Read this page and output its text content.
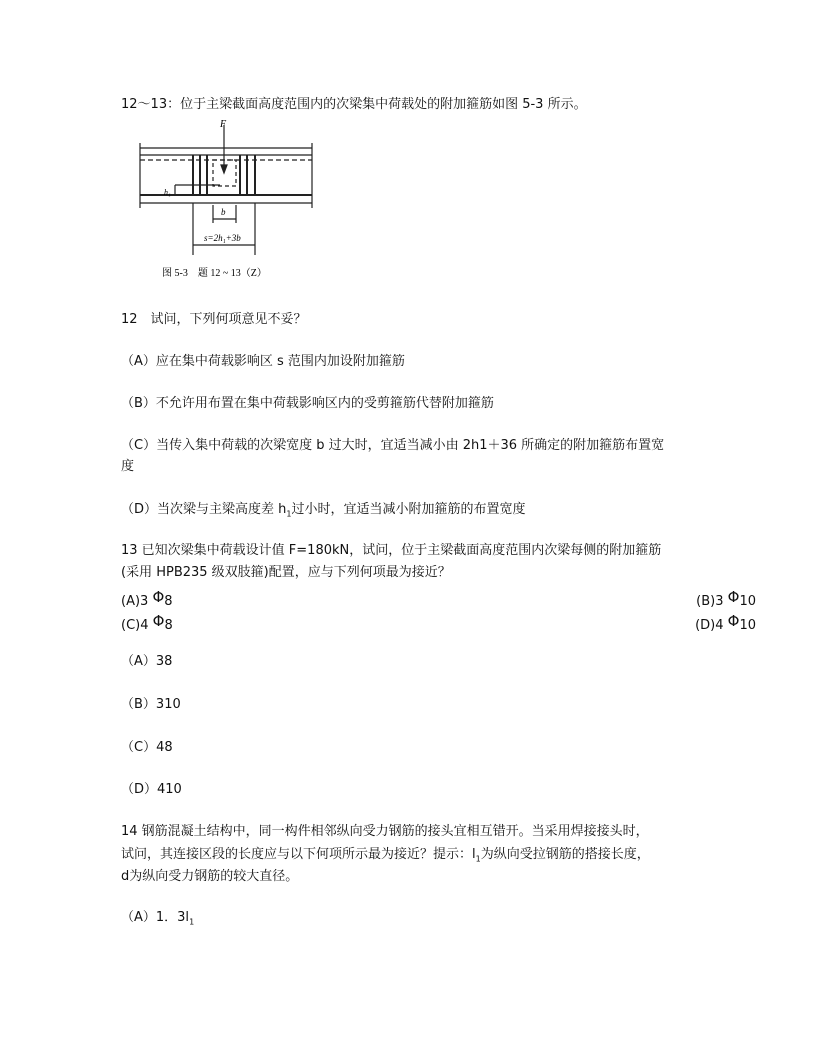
12～13：位于主梁截面高度范围内的次梁集中荷载处的附加箍筋如图 5-3 所示。
F
h₁
b
s=2h₁+3b
图 5-3　题 12 ~ 13（Z）
12　试问，下列何项意见不妥？
（A）应在集中荷载影响区 s 范围内加设附加箍筋
（B）不允许用布置在集中荷载影响区内的受剪箍筋代替附加箍筋
（C）当传入集中荷载的次梁宽度 b 过大时，宜适当减小由 2h1＋36 所确定的附加箍筋布置宽
度
（D）当次梁与主梁高度差 $h_1$过小时，宜适当减小附加箍筋的布置宽度
13 已知次梁集中荷载设计值 F=180kN，试问，位于主梁截面高度范围内次梁每侧的附加箍筋
(采用 HPB235 级双肢箍)配置，应与下列何项最为接近？
(A)3 Φ8	(B)3 Φ10
(C)4 Φ8	(D)4 Φ10
（A）38
（B）310
（C）48
（D）410
14 钢筋混凝土结构中，同一构件相邻纵向受力钢筋的接头宜相互错开。当采用焊接接头时，
试问，其连接区段的长度应与以下何项所示最为接近？提示：$l_1$为纵向受拉钢筋的搭接长度，
d为纵向受力钢筋的较大直径。
（A）1．$3l_1$
